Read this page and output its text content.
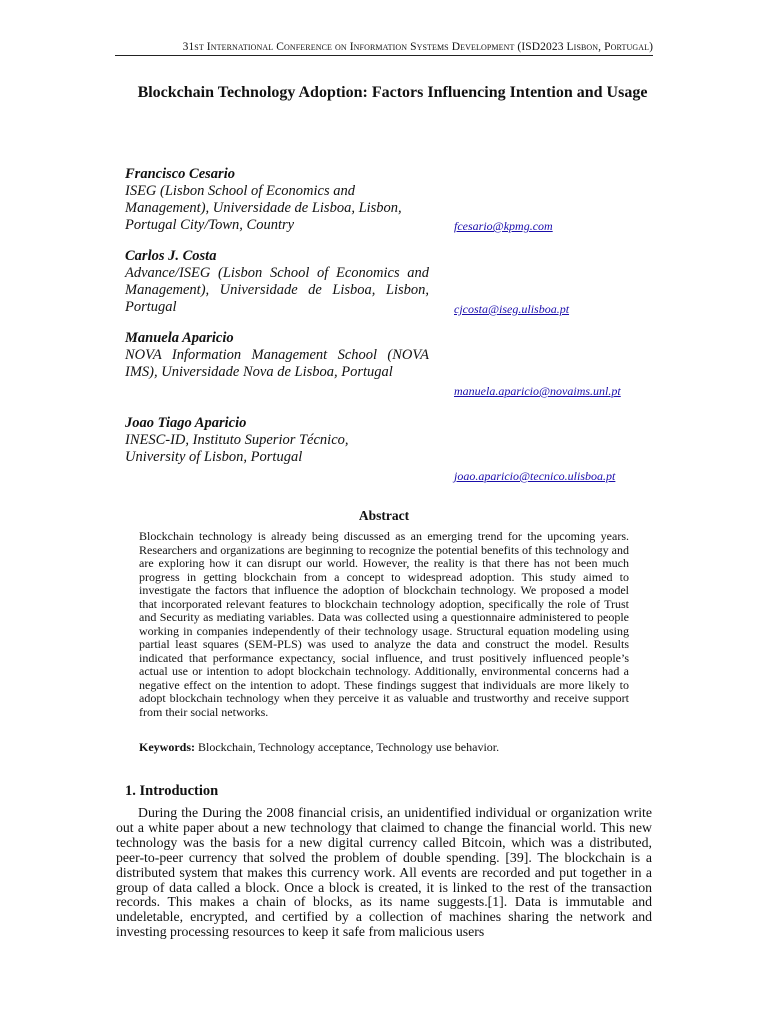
31st International Conference on Information Systems Development (ISD2023 Lisbon, Portugal)
Blockchain Technology Adoption: Factors Influencing Intention and Usage
Francisco Cesario
ISEG (Lisbon School of Economics and Management), Universidade de Lisboa, Lisbon, Portugal City/Town, Country	fcesario@kpmg.com
Carlos J. Costa
Advance/ISEG (Lisbon School of Economics and Management), Universidade de Lisboa, Lisbon, Portugal	cjcosta@iseg.ulisboa.pt
Manuela Aparicio
NOVA Information Management School (NOVA IMS), Universidade Nova de Lisboa, Portugal
manuela.aparicio@novaims.unl.pt
Joao Tiago Aparicio
INESC-ID, Instituto Superior Técnico, University of Lisbon, Portugal
joao.aparicio@tecnico.ulisboa.pt
Abstract
Blockchain technology is already being discussed as an emerging trend for the upcoming years. Researchers and organizations are beginning to recognize the potential benefits of this technology and are exploring how it can disrupt our world. However, the reality is that there has not been much progress in getting blockchain from a concept to widespread adoption. This study aimed to investigate the factors that influence the adoption of blockchain technology. We proposed a model that incorporated relevant features to blockchain technology adoption, specifically the role of Trust and Security as mediating variables. Data was collected using a questionnaire administered to people working in companies independently of their technology usage. Structural equation modeling using partial least squares (SEM-PLS) was used to analyze the data and construct the model. Results indicated that performance expectancy, social influence, and trust positively influenced people’s actual use or intention to adopt blockchain technology. Additionally, environmental concerns had a negative effect on the intention to adopt. These findings suggest that individuals are more likely to adopt blockchain technology when they perceive it as valuable and trustworthy and receive support from their social networks.
Keywords: Blockchain, Technology acceptance, Technology use behavior.
1. Introduction
During the During the 2008 financial crisis, an unidentified individual or organization write out a white paper about a new technology that claimed to change the financial world. This new technology was the basis for a new digital currency called Bitcoin, which was a distributed, peer-to-peer currency that solved the problem of double spending. [39]. The blockchain is a distributed system that makes this currency work. All events are recorded and put together in a group of data called a block. Once a block is created, it is linked to the rest of the transaction records. This makes a chain of blocks, as its name suggests.[1]. Data is immutable and undeletable, encrypted, and certified by a collection of machines sharing the network and investing processing resources to keep it safe from malicious users
